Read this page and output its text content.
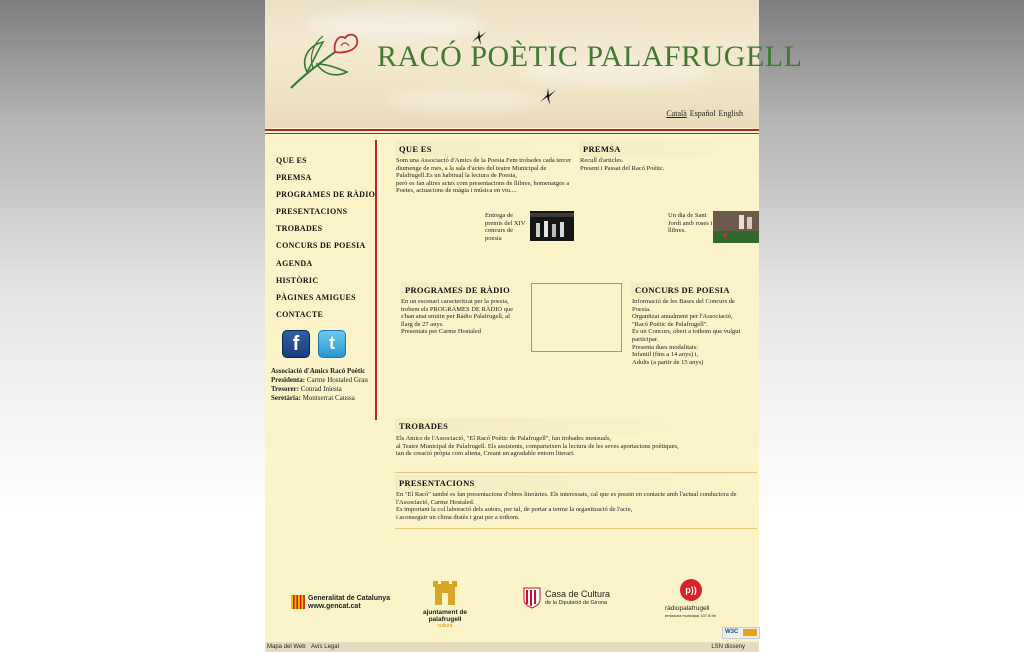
RACÓ POÈTIC PALAFRUGELL
Català Español English
QUE ES
PREMSA
PROGRAMES DE RÀDIO
PRESENTACIONS
TROBADES
CONCURS DE POESIA
AGENDA
HISTÒRIC
PÀGINES AMIGUES
CONTACTE
f	t
Associació d'Amics Racó Poètic
Presidenta: Carme Hostaled Grau
Tresorer: Conrad Iniesta
Seretària: Montserrat Caussa
QUE ES
Som una Associació d'Amics de la Poesia.Fem trobades cada tercer
diumenge de mes, a la sala d'actes del teatre Municipal de
Palafrugell.Es un habitual la lectura de Poesia,
però es fan altres actes com presentacions de llibres, homenatges a
Poetes, actuacions de màgia i música en viu....
Entrega de
premis del XIV
concurs de
poesia
PREMSA
Recull d'articles.
Present i Passat del Racó Poètic.
Un dia de Sant
Jordi amb roses i
llibres.
PROGRAMES DE RÀDIO
En un escenari caracteritzat per la poesia,
trobem els PROGRAMES DE RÀDIO que
s'han anat emitin per Ràdio Palafrugell, al
llarg de 27 anys.
Presentats per Carme Hostaled
CONCURS DE POESIA
Informació de les Bases del Concurs de
Poesia.
Organitzat anualment per l'Associació,
"Racó Poètic de Palafrugell".
És un Concurs, obert a tothom que vulgui
participar.
Presenta dues modalitats:
Infantil (fins a 14 anys) i,
Adults (a partir de 15 anys)
TROBADES
Els Amics de l'Associació, "El Racó Poètic de Palafrugell", fan trobades mensuals,
al Teatre Municipal de Palafrugell. Els assistents, comparteixen la lectura de les seves aportacions poètiques,
tan de creació pròpia com aliena, Creant un agradable entorn literari.
PRESENTACIONS
En "El Racó" també es fan presentacions d'obres literàries. Els interessats, cal que es possin en contacte amb l'actual conductora de
l'Associació, Carme Hostaled.
Es important la col laboració dels autors, per tal, de portar a terme la organització de l'acte,
i aconseguir un clima distès i grat per a tothom.
Generalitat de Catalunya
www.gencat.cat
ajuntament de
palafrugell
cultura
Casa de Cultura
de la Diputació de Girona
p))
ràdiopalafrugell
emissora municipal 107.8 fm
W3C
Mapa del Web Avís Legal	LSN disseny
